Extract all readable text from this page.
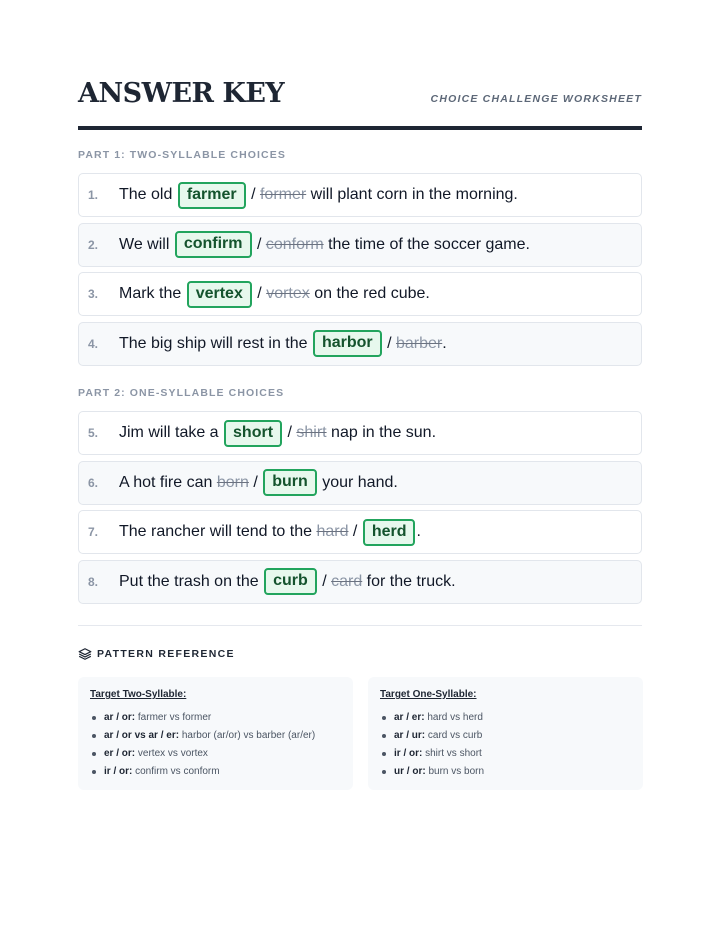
ANSWER KEY	CHOICE CHALLENGE WORKSHEET
PART 1: TWO-SYLLABLE CHOICES
1.	The old farmer / former will plant corn in the morning.
2.	We will confirm / conform the time of the soccer game.
3.	Mark the vertex / vortex on the red cube.
4.	The big ship will rest in the harbor / barber .
PART 2: ONE-SYLLABLE CHOICES
5.	Jim will take a short / shirt nap in the sun.
6.	A hot fire can born / burn your hand.
7.	The rancher will tend to the hard / herd .
8.	Put the trash on the curb / card for the truck.
PATTERN REFERENCE
Target Two-Syllable:
ar / or: farmer vs former
ar / or vs ar / er: harbor (ar/or) vs barber (ar/er)
er / or: vertex vs vortex
ir / or: confirm vs conform
Target One-Syllable:
ar / er: hard vs herd
ar / ur: card vs curb
ir / or: shirt vs short
ur / or: burn vs born
